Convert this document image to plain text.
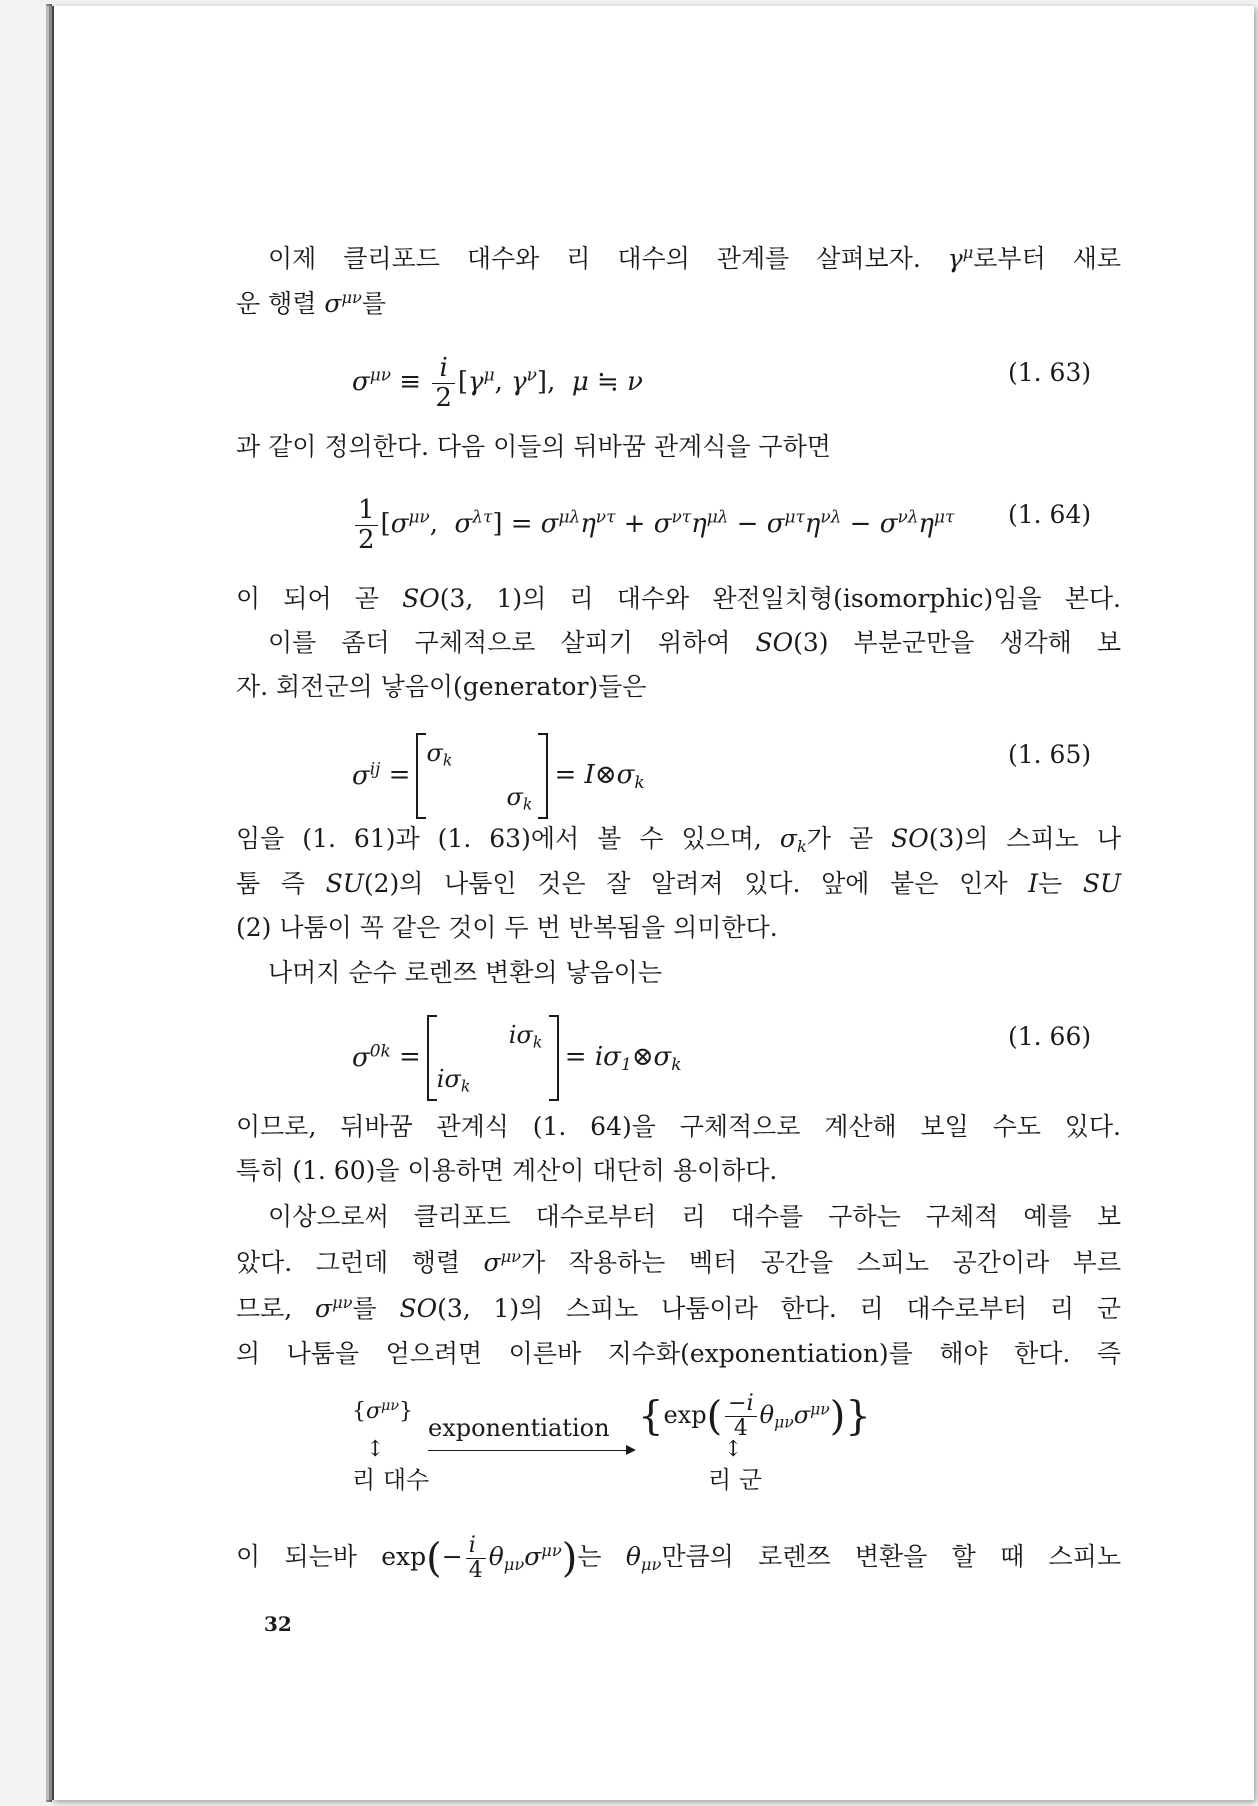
이제 클리포드 대수와 리 대수의 관계를 살펴보자. $\gamma^\mu$로부터 새로
운 행렬 $\sigma^{\mu\nu}$를
$\sigma^{\mu\nu} \equiv \frac{i}{2} [\gamma^\mu$, $\gamma^\nu$],  μ ≒ ν	(1. 63)
과 같이 정의한다. 다음 이들의 뒤바꿈 관계식을 구하면
$\frac{1}{2} [\sigma^{\mu\nu}$,  $\sigma^{\lambda\tau}] = \sigma^{\mu\lambda}\eta^{\nu\tau} + \sigma^{\nu\tau}\eta^{\mu\lambda} - \sigma^{\mu\tau}\eta^{\nu\lambda} - \sigma^{\nu\lambda}\eta^{\mu\tau}$ (1. 64)
이 되어 곧 SO(3, 1)의 리 대수와 완전일치형(isomorphic)임을 본다.
이를 좀더 구체적으로 살피기 위하여 SO(3) 부분군만을 생각해 보
자. 회전군의 낳음이(generator)들은
$\sigma^{ij}$ =
$\sigma_k$
$\sigma_k$
= $I\otimes\sigma_k$
(1. 65)
임을 (1. 61)과 (1. 63)에서 볼 수 있으며, $\sigma_k$가 곧 SO(3)의 스피노 나
툼 즉 SU(2)의 나툼인 것은 잘 알려져 있다. 앞에 붙은 인자 I는 SU
(2) 나툼이 꼭 같은 것이 두 번 반복됨을 의미한다.
나머지 순수 로렌쯔 변환의 낳음이는
$\sigma^{0k}$ =
$i\sigma_k$
$i\sigma_k$
= $i\sigma_1\otimes\sigma_k$
(1. 66)
이므로, 뒤바꿈 관계식 (1. 64)을 구체적으로 계산해 보일 수도 있다.
특히 (1. 60)을 이용하면 계산이 대단히 용이하다.
이상으로써 클리포드 대수로부터 리 대수를 구하는 구체적 예를 보
았다. 그런데 행렬 $\sigma^{\mu\nu}$가 작용하는 벡터 공간을 스피노 공간이라 부르
므로, $\sigma^{\mu\nu}$를 SO(3, 1)의 스피노 나툼이라 한다. 리 대수로부터 리 군
의 나툼을 얻으려면 이른바 지수화(exponentiation)를 해야 한다. 즉
$\{\sigma^{\mu\nu}\}$
exponentiation $\{\exp( \frac{-i}{4} \theta_{\mu\nu}\sigma^{\mu\nu})\}$
↕	↕
리 대수	리 군
이 되는바 $\exp(- \frac{i}{4} \theta_{\mu\nu}\sigma^{\mu\nu})$는 $\theta_{\mu\nu}$만큼의 로렌쯔 변환을 할 때 스피노
32
